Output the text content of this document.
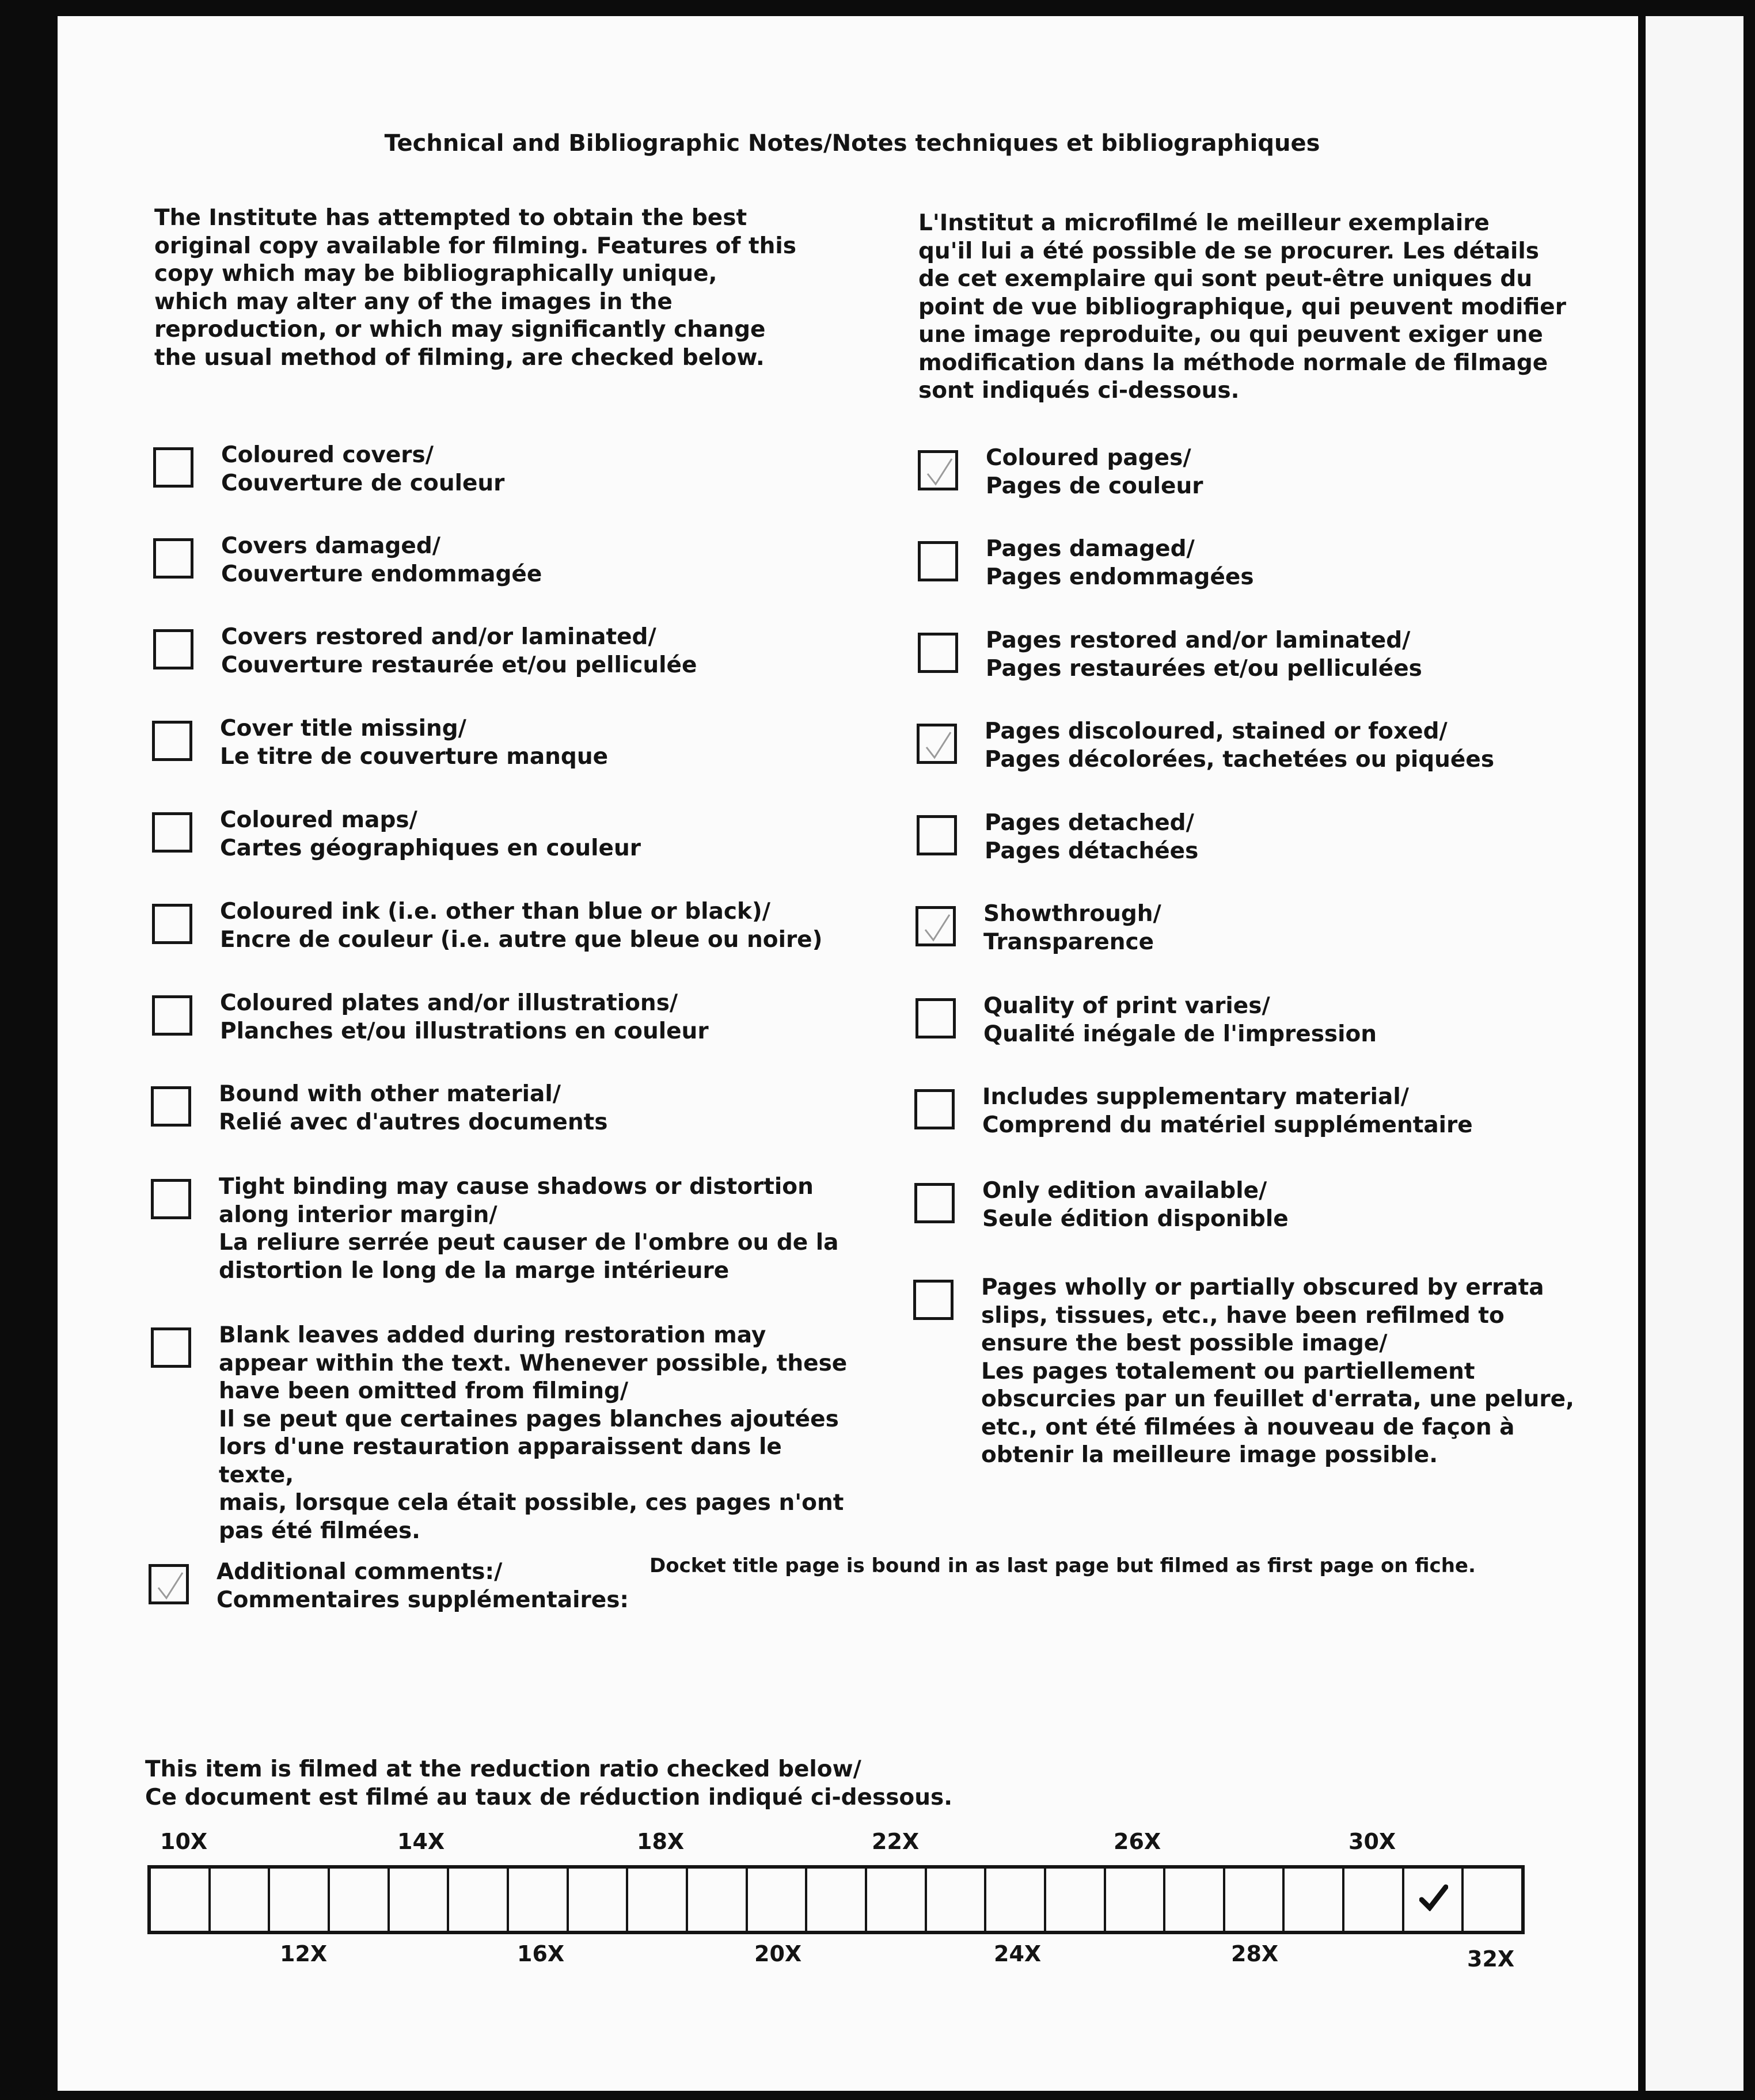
Technical and Bibliographic Notes/Notes techniques et bibliographiques
The Institute has attempted to obtain the best
original copy available for filming. Features of this
copy which may be bibliographically unique,
which may alter any of the images in the
reproduction, or which may significantly change
the usual method of filming, are checked below.
L'Institut a microfilmé le meilleur exemplaire
qu'il lui a été possible de se procurer. Les détails
de cet exemplaire qui sont peut-être uniques du
point de vue bibliographique, qui peuvent modifier
une image reproduite, ou qui peuvent exiger une
modification dans la méthode normale de filmage
sont indiqués ci-dessous.
Coloured covers/
Couverture de couleur
Covers damaged/
Couverture endommagée
Covers restored and/or laminated/
Couverture restaurée et/ou pelliculée
Cover title missing/
Le titre de couverture manque
Coloured maps/
Cartes géographiques en couleur
Coloured ink (i.e. other than blue or black)/
Encre de couleur (i.e. autre que bleue ou noire)
Coloured plates and/or illustrations/
Planches et/ou illustrations en couleur
Bound with other material/
Relié avec d'autres documents
Tight binding may cause shadows or distortion
along interior margin/
La reliure serrée peut causer de l'ombre ou de la
distortion le long de la marge intérieure
Blank leaves added during restoration may
appear within the text. Whenever possible, these
have been omitted from filming/
Il se peut que certaines pages blanches ajoutées
lors d'une restauration apparaissent dans le texte,
mais, lorsque cela était possible, ces pages n'ont
pas été filmées.
Additional comments:/
Commentaires supplémentaires:
Coloured pages/
Pages de couleur
Pages damaged/
Pages endommagées
Pages restored and/or laminated/
Pages restaurées et/ou pelliculées
Pages discoloured, stained or foxed/
Pages décolorées, tachetées ou piquées
Pages detached/
Pages détachées
Showthrough/
Transparence
Quality of print varies/
Qualité inégale de l'impression
Includes supplementary material/
Comprend du matériel supplémentaire
Only edition available/
Seule édition disponible
Pages wholly or partially obscured by errata
slips, tissues, etc., have been refilmed to
ensure the best possible image/
Les pages totalement ou partiellement
obscurcies par un feuillet d'errata, une pelure,
etc., ont été filmées à nouveau de façon à
obtenir la meilleure image possible.
Docket title page is bound in as last page but filmed as first page on fiche.
This item is filmed at the reduction ratio checked below/
Ce document est filmé au taux de réduction indiqué ci-dessous.
10X	14X	18X	22X	26X	30X
12X	16X	20X	24X	28X	32X
